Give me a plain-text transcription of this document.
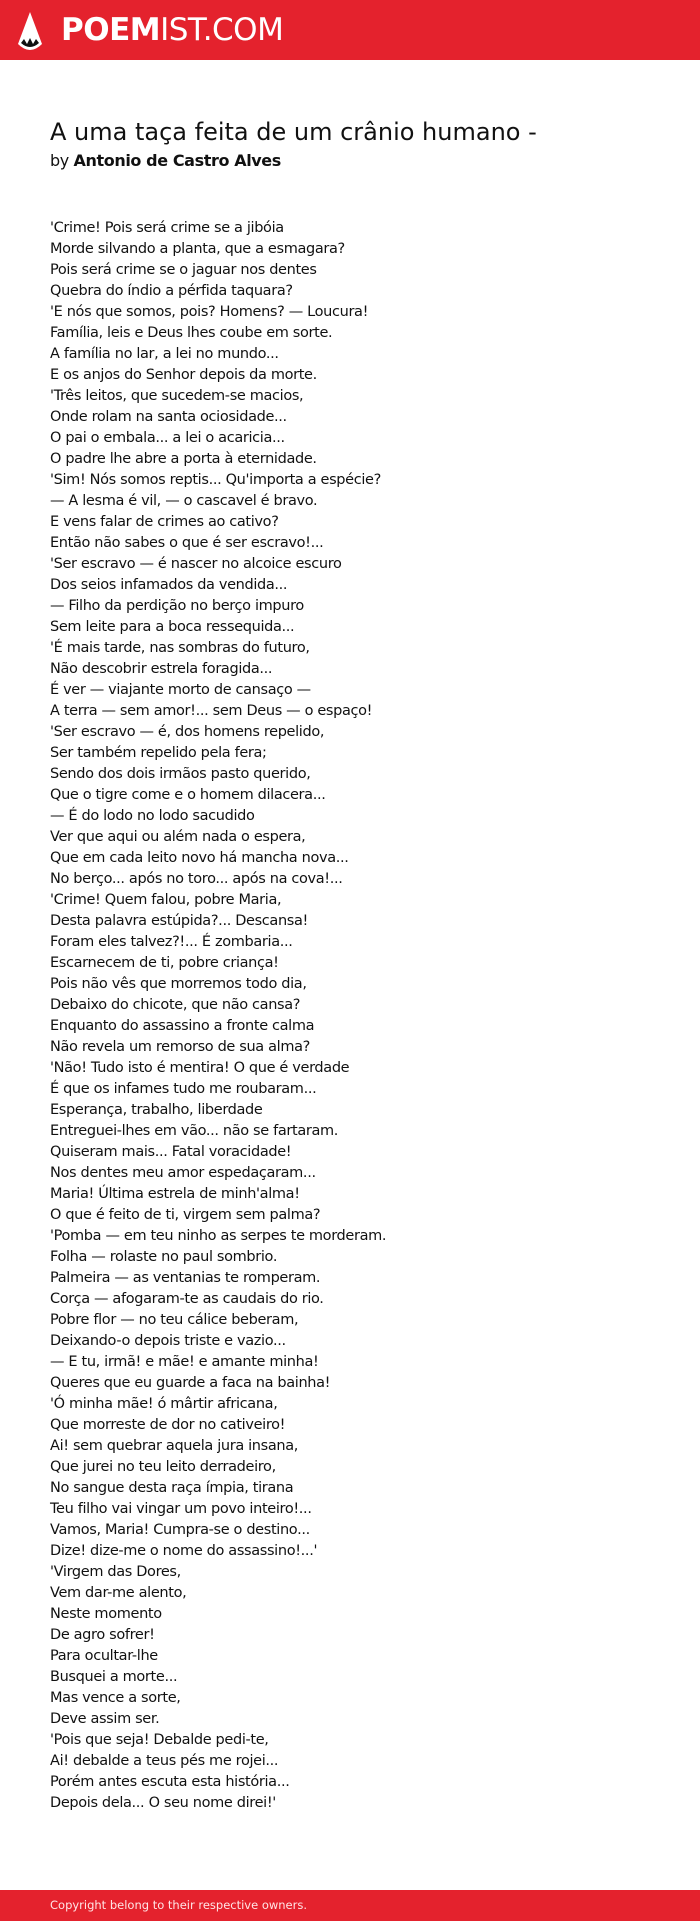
POEMIST.COM
A uma taça feita de um crânio humano -

by Antonio de Castro Alves

'Crime! Pois será crime se a jibóia
Morde silvando a planta, que a esmagara?
Pois será crime se o jaguar nos dentes
Quebra do índio a pérfida taquara?
'E nós que somos, pois? Homens? — Loucura!
Família, leis e Deus lhes coube em sorte.
A família no lar, a lei no mundo...
E os anjos do Senhor depois da morte.
'Três leitos, que sucedem-se macios,
Onde rolam na santa ociosidade...
O pai o embala... a lei o acaricia...
O padre lhe abre a porta à eternidade.
'Sim! Nós somos reptis... Qu'importa a espécie?
— A lesma é vil, — o cascavel é bravo.
E vens falar de crimes ao cativo?
Então não sabes o que é ser escravo!...
'Ser escravo — é nascer no alcoice escuro
Dos seios infamados da vendida...
— Filho da perdição no berço impuro
Sem leite para a boca ressequida...
'É mais tarde, nas sombras do futuro,
Não descobrir estrela foragida...
É ver — viajante morto de cansaço —
A terra — sem amor!... sem Deus — o espaço!
'Ser escravo — é, dos homens repelido,
Ser também repelido pela fera;
Sendo dos dois irmãos pasto querido,
Que o tigre come e o homem dilacera...
— É do lodo no lodo sacudido
Ver que aqui ou além nada o espera,
Que em cada leito novo há mancha nova...
No berço... após no toro... após na cova!...
'Crime! Quem falou, pobre Maria,
Desta palavra estúpida?... Descansa!
Foram eles talvez?!... É zombaria...
Escarnecem de ti, pobre criança!
Pois não vês que morremos todo dia,
Debaixo do chicote, que não cansa?
Enquanto do assassino a fronte calma
Não revela um remorso de sua alma?
'Não! Tudo isto é mentira! O que é verdade
É que os infames tudo me roubaram...
Esperança, trabalho, liberdade
Entreguei-lhes em vão... não se fartaram.
Quiseram mais... Fatal voracidade!
Nos dentes meu amor espedaçaram...
Maria! Última estrela de minh'alma!
O que é feito de ti, virgem sem palma?
'Pomba — em teu ninho as serpes te morderam.
Folha — rolaste no paul sombrio.
Palmeira — as ventanias te romperam.
Corça — afogaram-te as caudais do rio.
Pobre flor — no teu cálice beberam,
Deixando-o depois triste e vazio...
— E tu, irmã! e mãe! e amante minha!
Queres que eu guarde a faca na bainha!
'Ó minha mãe! ó mârtir africana,
Que morreste de dor no cativeiro!
Ai! sem quebrar aquela jura insana,
Que jurei no teu leito derradeiro,
No sangue desta raça ímpia, tirana
Teu filho vai vingar um povo inteiro!...
Vamos, Maria! Cumpra-se o destino...
Dize! dize-me o nome do assassino!...'
'Virgem das Dores,
Vem dar-me alento,
Neste momento
De agro sofrer!
Para ocultar-lhe
Busquei a morte...
Mas vence a sorte,
Deve assim ser.
'Pois que seja! Debalde pedi-te,
Ai! debalde a teus pés me rojei...
Porém antes escuta esta história...
Depois dela... O seu nome direi!'
Copyright belong to their respective owners.
